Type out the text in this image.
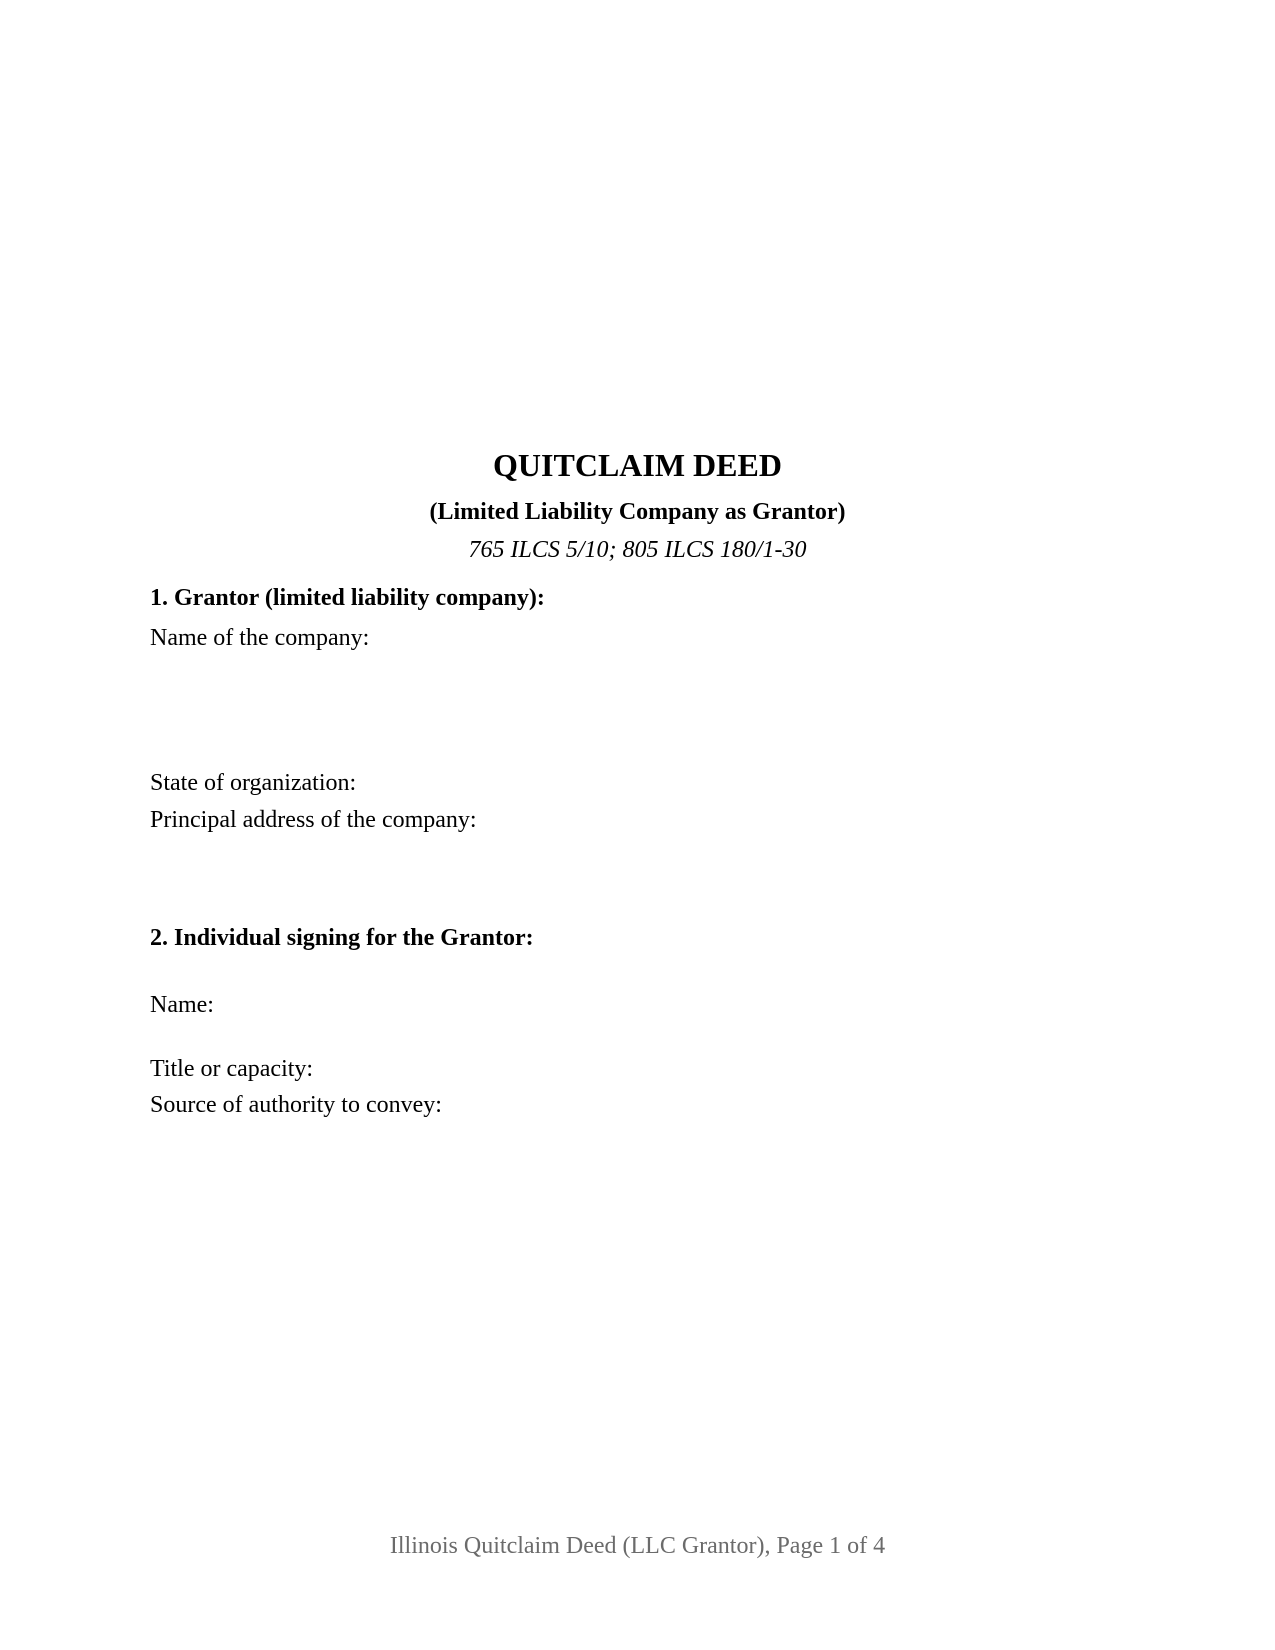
QUITCLAIM DEED
(Limited Liability Company as Grantor)
765 ILCS 5/10; 805 ILCS 180/1-30
1. Grantor (limited liability company):
Name of the company:
State of organization:
Principal address of the company:
2. Individual signing for the Grantor:
Name:
Title or capacity:
Source of authority to convey:
Illinois Quitclaim Deed (LLC Grantor), Page 1 of 4
